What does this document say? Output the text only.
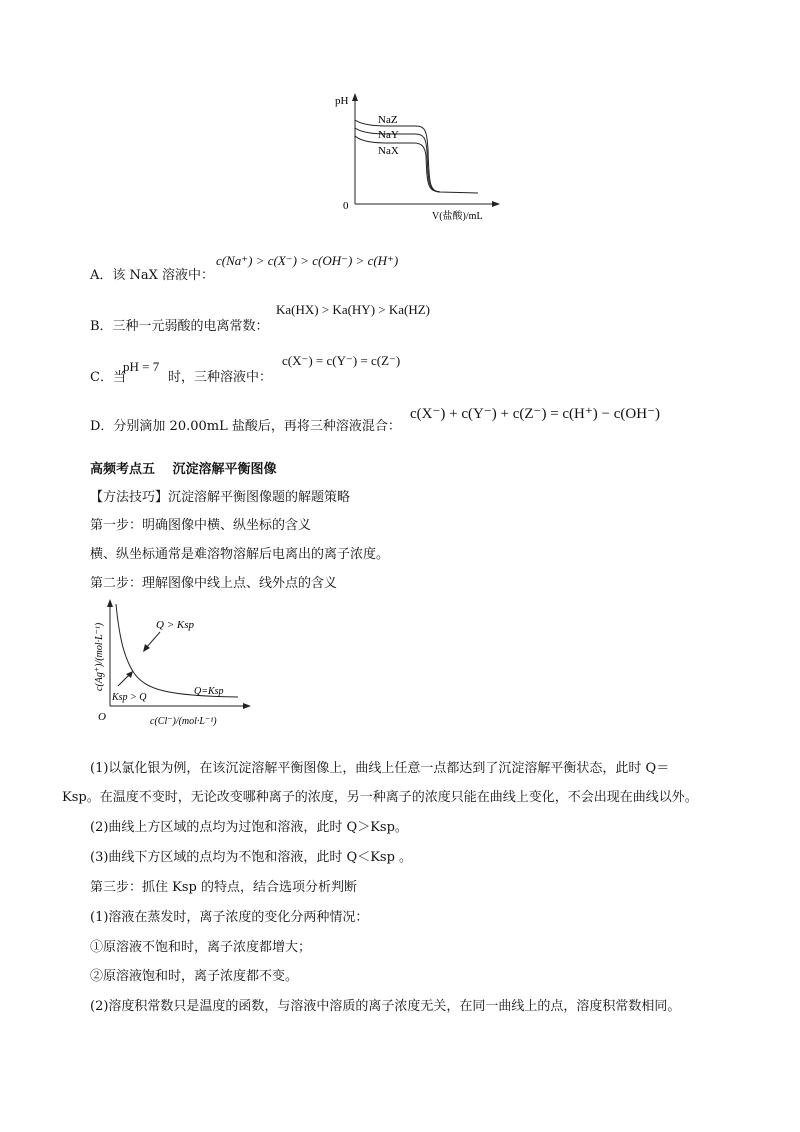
pH
0
V(盐酸)/mL
NaZ
NaY
NaX
A．该 NaX 溶液中：
c(Na⁺) > c(X⁻) > c(OH⁻) > c(H⁺)
B．三种一元弱酸的电离常数：
Ka(HX) > Ka(HY) > Ka(HZ)
C．当
pH = 7
时，三种溶液中：
c(X⁻) = c(Y⁻) = c(Z⁻)
D．分别滴加 20.00mL 盐酸后，再将三种溶液混合：
c(X⁻) + c(Y⁻) + c(Z⁻) = c(H⁺) − c(OH⁻)
高频考点五　 沉淀溶解平衡图像
【方法技巧】沉淀溶解平衡图像题的解题策略
第一步：明确图像中横、纵坐标的含义
横、纵坐标通常是难溶物溶解后电离出的离子浓度。
第二步：理解图像中线上点、线外点的含义
c(Ag⁺)/(mol·L⁻¹)
O	c(Cl⁻)/(mol·L⁻¹)
Q > Ksp
Q=Ksp
Ksp > Q
(1)以氯化银为例，在该沉淀溶解平衡图像上，曲线上任意一点都达到了沉淀溶解平衡状态，此时 Q＝
Ksp。在温度不变时，无论改变哪种离子的浓度，另一种离子的浓度只能在曲线上变化，不会出现在曲线以外。
(2)曲线上方区域的点均为过饱和溶液，此时 Q＞Ksp。
(3)曲线下方区域的点均为不饱和溶液，此时 Q＜Ksp 。
第三步：抓住 Ksp 的特点，结合选项分析判断
(1)溶液在蒸发时，离子浓度的变化分两种情况：
①原溶液不饱和时，离子浓度都增大；
②原溶液饱和时，离子浓度都不变。
(2)溶度积常数只是温度的函数，与溶液中溶质的离子浓度无关，在同一曲线上的点，溶度积常数相同。
